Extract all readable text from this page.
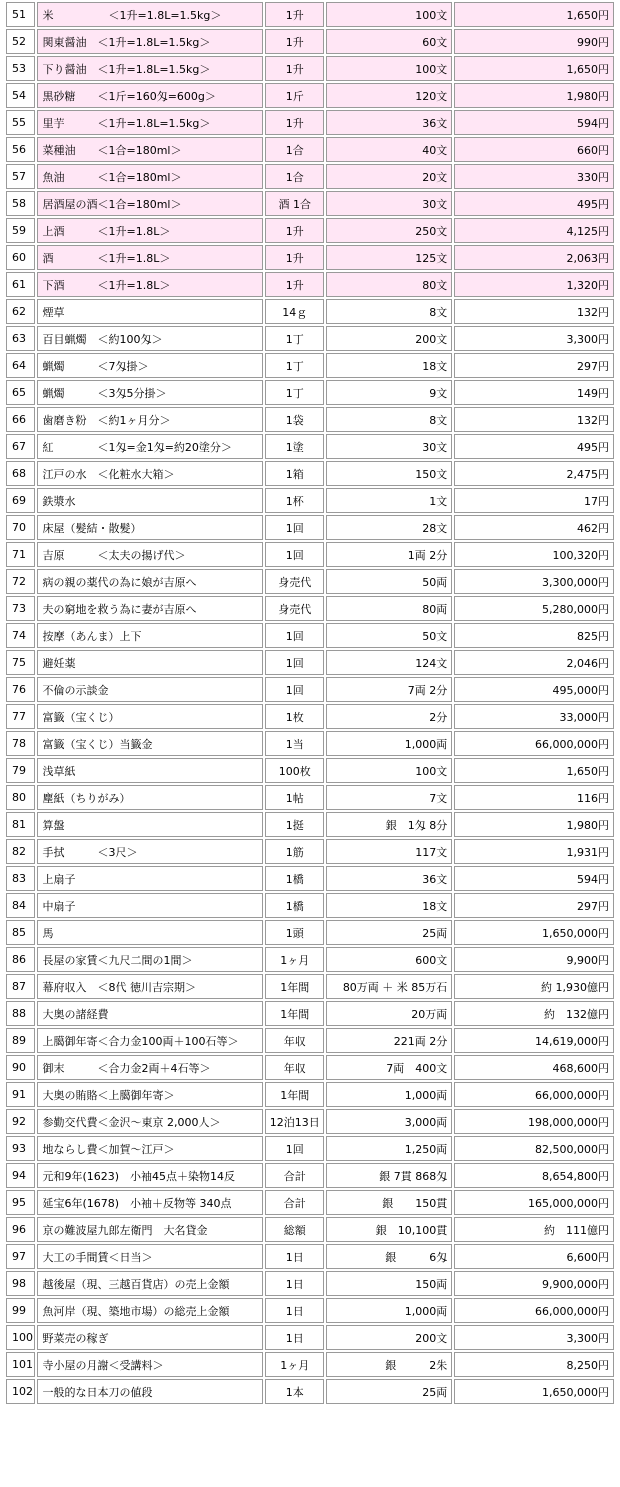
51	米　　　　　＜1升=1.8L=1.5kg＞	1升	100文	1,650円
52	関東醤油　＜1升=1.8L=1.5kg＞	1升	60文	990円
53	下り醤油　＜1升=1.8L=1.5kg＞	1升	100文	1,650円
54	黒砂糖　　＜1斤=160匁=600g＞	1斤	120文	1,980円
55	里芋　　　＜1升=1.8L=1.5kg＞	1升	36文	594円
56	菜種油　　＜1合=180ml＞	1合	40文	660円
57	魚油　　　＜1合=180ml＞	1合	20文	330円
58	居酒屋の酒＜1合=180ml＞	酒 1合	30文	495円
59	上酒　　　＜1升=1.8L＞	1升	250文	4,125円
60	酒　　　　＜1升=1.8L＞	1升	125文	2,063円
61	下酒　　　＜1升=1.8L＞	1升	80文	1,320円
62	煙草	14ｇ	8文	132円
63	百目蝋燭　＜約100匁＞	1丁	200文	3,300円
64	蝋燭　　　＜7匁掛＞	1丁	18文	297円
65	蝋燭　　　＜3匁5分掛＞	1丁	9文	149円
66	歯磨き粉　＜約1ヶ月分＞	1袋	8文	132円
67	紅　　　　＜1匁=金1匁=約20塗分＞	1塗	30文	495円
68	江戸の水　＜化粧水大箱＞	1箱	150文	2,475円
69	鉄漿水	1杯	1文	17円
70	床屋（髪結・散髪）	1回	28文	462円
71	吉原　　　＜太夫の揚げ代＞	1回	1両 2分	100,320円
72	病の親の薬代の為に娘が吉原へ	身売代	50両	3,300,000円
73	夫の窮地を救う為に妻が吉原へ	身売代	80両	5,280,000円
74	按摩（あんま）上下	1回	50文	825円
75	避妊薬	1回	124文	2,046円
76	不倫の示談金	1回	7両 2分	495,000円
77	富籤（宝くじ）	1枚	2分	33,000円
78	富籤（宝くじ）当籤金	1当	1,000両	66,000,000円
79	浅草紙	100枚	100文	1,650円
80	塵紙（ちりがみ）	1帖	7文	116円
81	算盤	1挺	銀　1匁 8分	1,980円
82	手拭　　　＜3尺＞	1筋	117文	1,931円
83	上扇子	1橋	36文	594円
84	中扇子	1橋	18文	297円
85	馬	1頭	25両	1,650,000円
86	長屋の家賃＜九尺二間の1間＞	1ヶ月	600文	9,900円
87	幕府収入　＜8代 徳川吉宗期＞	1年間	80万両 ＋ 米 85万石	約 1,930億円
88	大奥の諸経費	1年間	20万両	約　132億円
89	上臈御年寄＜合力金100両＋100石等＞	年収	221両 2分	14,619,000円
90	御末　　　＜合力金2両＋4石等＞	年収	7両　400文	468,600円
91	大奥の賄賂＜上臈御年寄＞	1年間	1,000両	66,000,000円
92	参勤交代費＜金沢～東京 2,000人＞	12泊13日	3,000両	198,000,000円
93	地ならし費＜加賀～江戸＞	1回	1,250両	82,500,000円
94	元和9年(1623)　小袖45点＋染物14反	合計	銀 7貫 868匁	8,654,800円
95	延宝6年(1678)　小袖＋反物等 340点	合計	銀　　150貫	165,000,000円
96	京の難波屋九郎左衛門　大名貸金	総額	銀　10,100貫	約　111億円
97	大工の手間賃＜日当＞	1日	銀　　　6匁	6,600円
98	越後屋（現、三越百貨店）の売上金額	1日	150両	9,900,000円
99	魚河岸（現、築地市場）の総売上金額	1日	1,000両	66,000,000円
100	野菜売の稼ぎ	1日	200文	3,300円
101	寺小屋の月謝＜受講料＞	1ヶ月	銀　　　2朱	8,250円
102	一般的な日本刀の値段	1本	25両	1,650,000円
